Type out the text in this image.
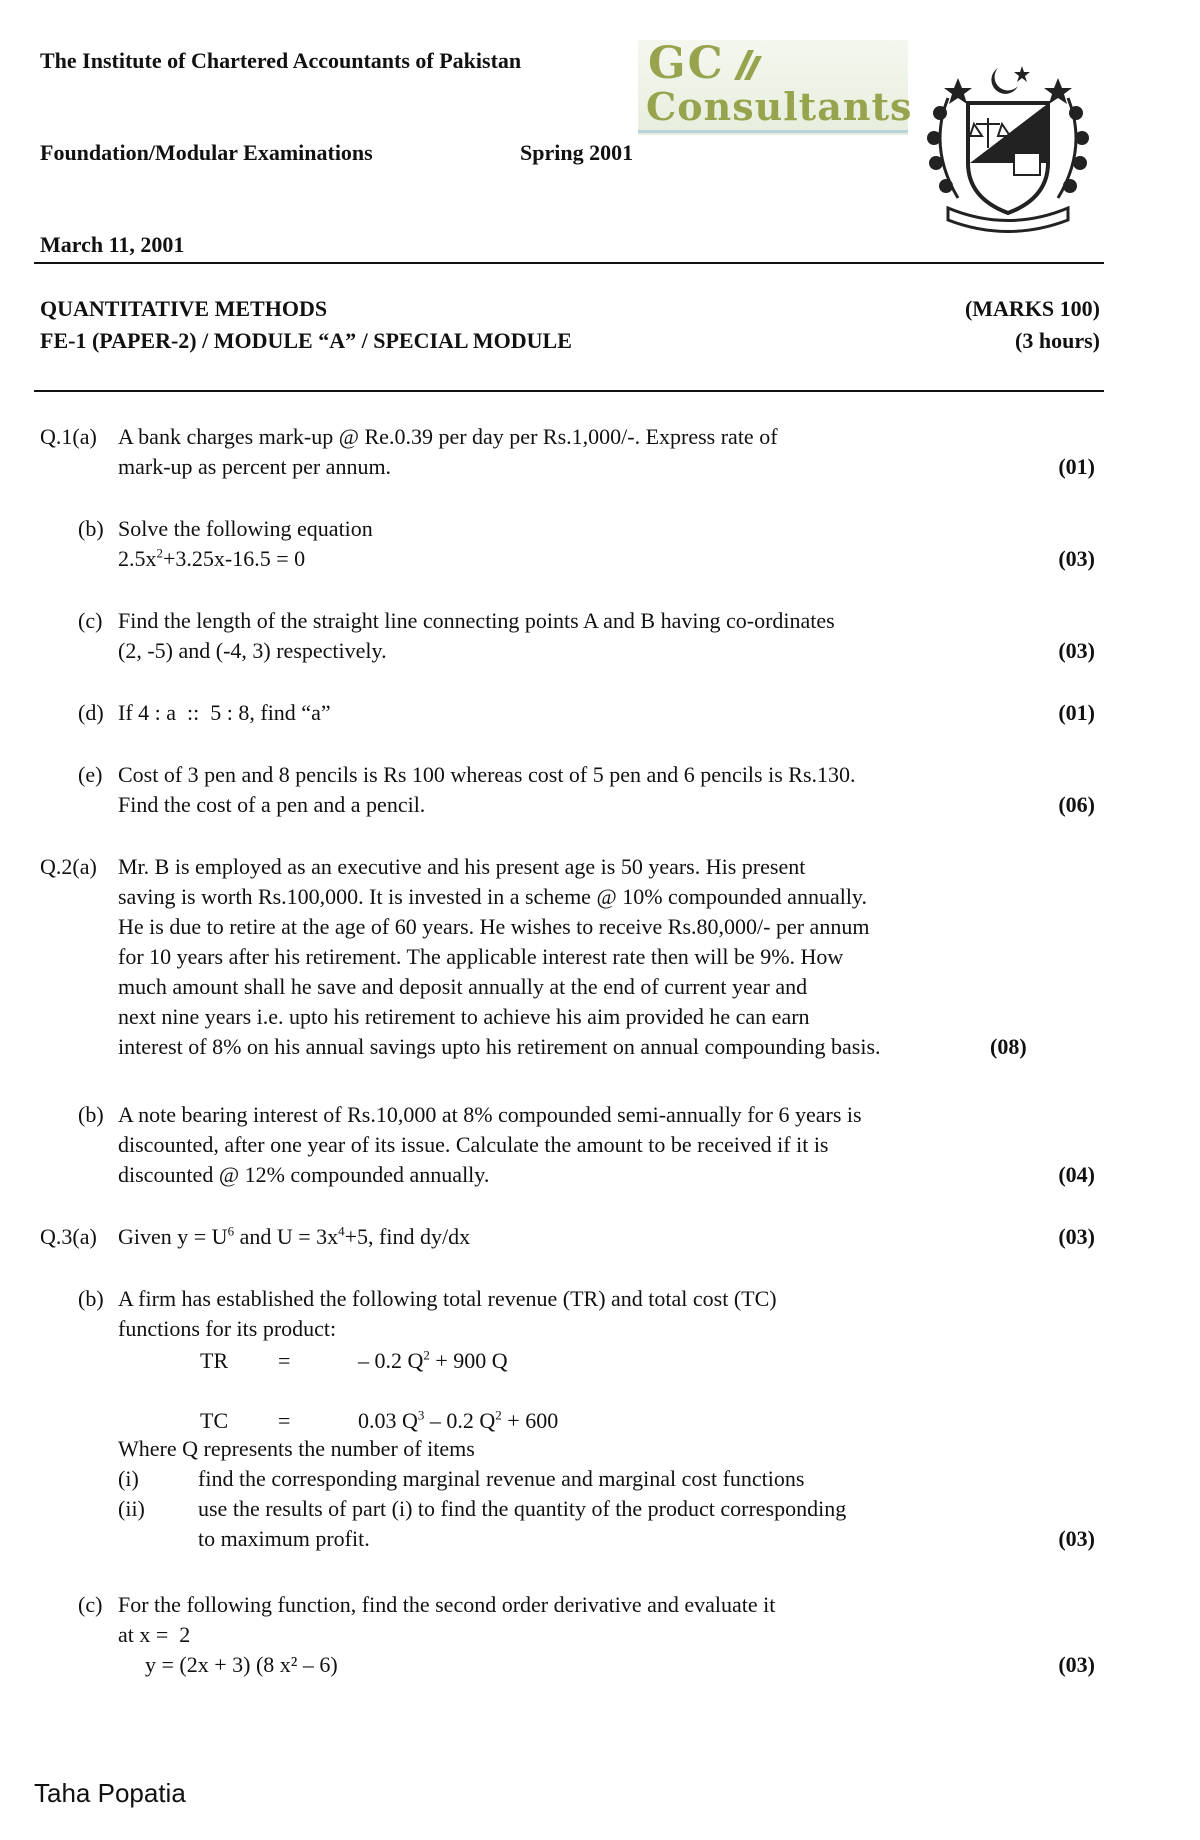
The Institute of Chartered Accountants of Pakistan
Foundation/Modular Examinations	Spring 2001
March 11, 2001
GC
Consultants
QUANTITATIVE METHODS	(MARKS 100)
FE-1 (PAPER-2) / MODULE “A” / SPECIAL MODULE	(3 hours)
Q.1(a) A bank charges mark-up @ Re.0.39 per day per Rs.1,000/-. Express rate of
mark-up as percent per annum.	(01)
(b) Solve the following equation
$2.5x^2+3.25x-16.5 = 0$	(03)
(c) Find the length of the straight line connecting points A and B having co-ordinates
(2, -5) and (-4, 3) respectively.	(03)
(d) If 4 : a  ::  5 : 8, find “a”	(01)
(e) Cost of 3 pen and 8 pencils is Rs 100 whereas cost of 5 pen and 6 pencils is Rs.130.
Find the cost of a pen and a pencil.	(06)
Q.2(a) Mr. B is employed as an executive and his present age is 50 years. His present
saving is worth Rs.100,000. It is invested in a scheme @ 10% compounded annually.
He is due to retire at the age of 60 years. He wishes to receive Rs.80,000/- per annum
for 10 years after his retirement. The applicable interest rate then will be 9%. How
much amount shall he save and deposit annually at the end of current year and
next nine years i.e. upto his retirement to achieve his aim provided he can earn
interest of 8% on his annual savings upto his retirement on annual compounding basis.	(08)
(b) A note bearing interest of Rs.10,000 at 8% compounded semi-annually for 6 years is
discounted, after one year of its issue. Calculate the amount to be received if it is
discounted @ 12% compounded annually.	(04)
Q.3(a) Given $y = U^6$ and $U = 3x^4+5$, find dy/dx	(03)
(b) A firm has established the following total revenue (TR) and total cost (TC)
functions for its product:
TR =	– 0.2 $Q^2 + 900$ Q
TC =	0.03 $Q^3 - 0.2$ $Q^2 + 600$
Where Q represents the number of items
(i)	find the corresponding marginal revenue and marginal cost functions
(ii) use the results of part (i) to find the quantity of the product corresponding
to maximum profit.	(03)
(c) For the following function, find the second order derivative and evaluate it
at x =  2
y = (2x + 3) (8 x² – 6)	(03)
Taha Popatia
